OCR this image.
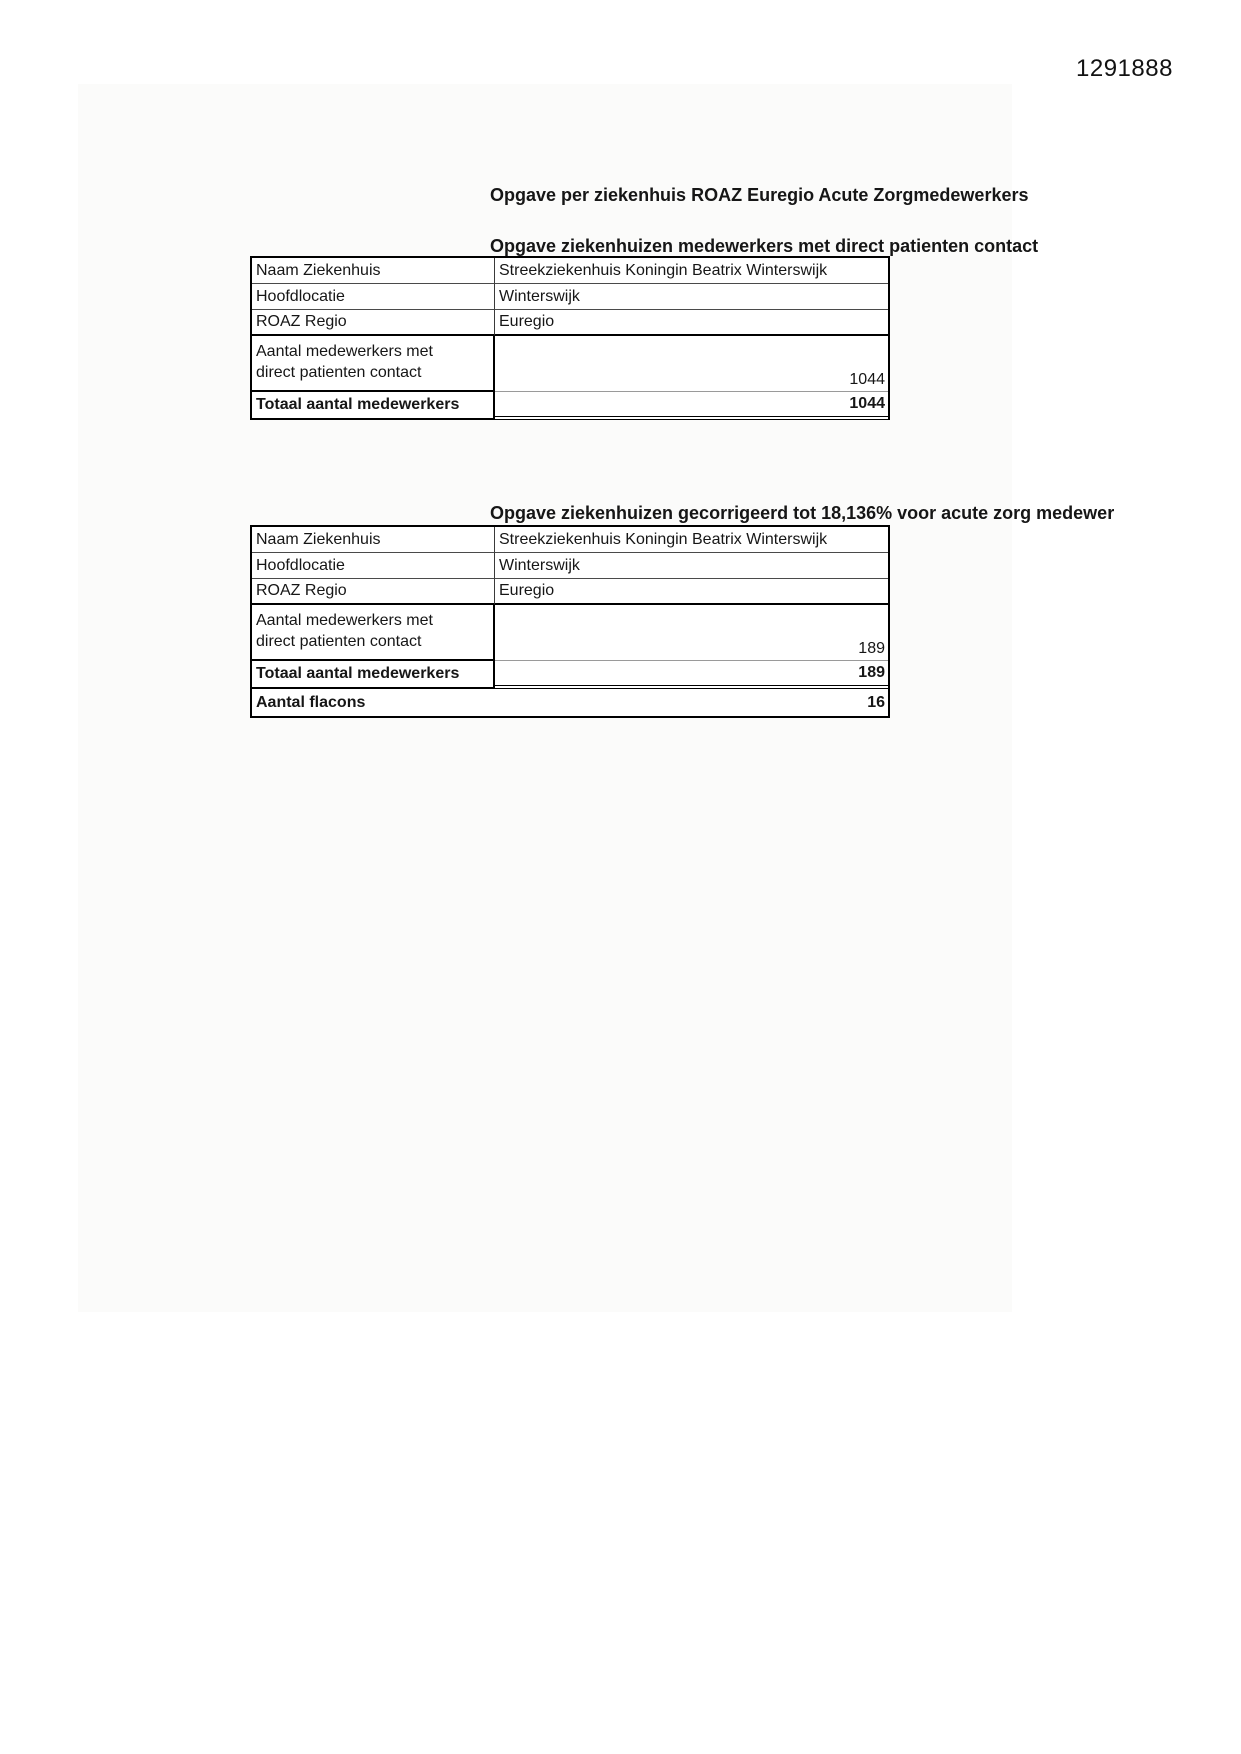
1291888
Opgave per ziekenhuis ROAZ Euregio Acute Zorgmedewerkers
Opgave ziekenhuizen medewerkers met direct patienten contact
Naam Ziekenhuis	Streekziekenhuis Koningin Beatrix Winterswijk
Hoofdlocatie	Winterswijk
ROAZ Regio	Euregio
Aantal medewerkers met direct patienten contact	1044
Totaal aantal medewerkers	1044
Opgave ziekenhuizen gecorrigeerd tot 18,136% voor acute zorg medewer
Naam Ziekenhuis	Streekziekenhuis Koningin Beatrix Winterswijk
Hoofdlocatie	Winterswijk
ROAZ Regio	Euregio
Aantal medewerkers met direct patienten contact	189
Totaal aantal medewerkers	189
Aantal flacons	16
